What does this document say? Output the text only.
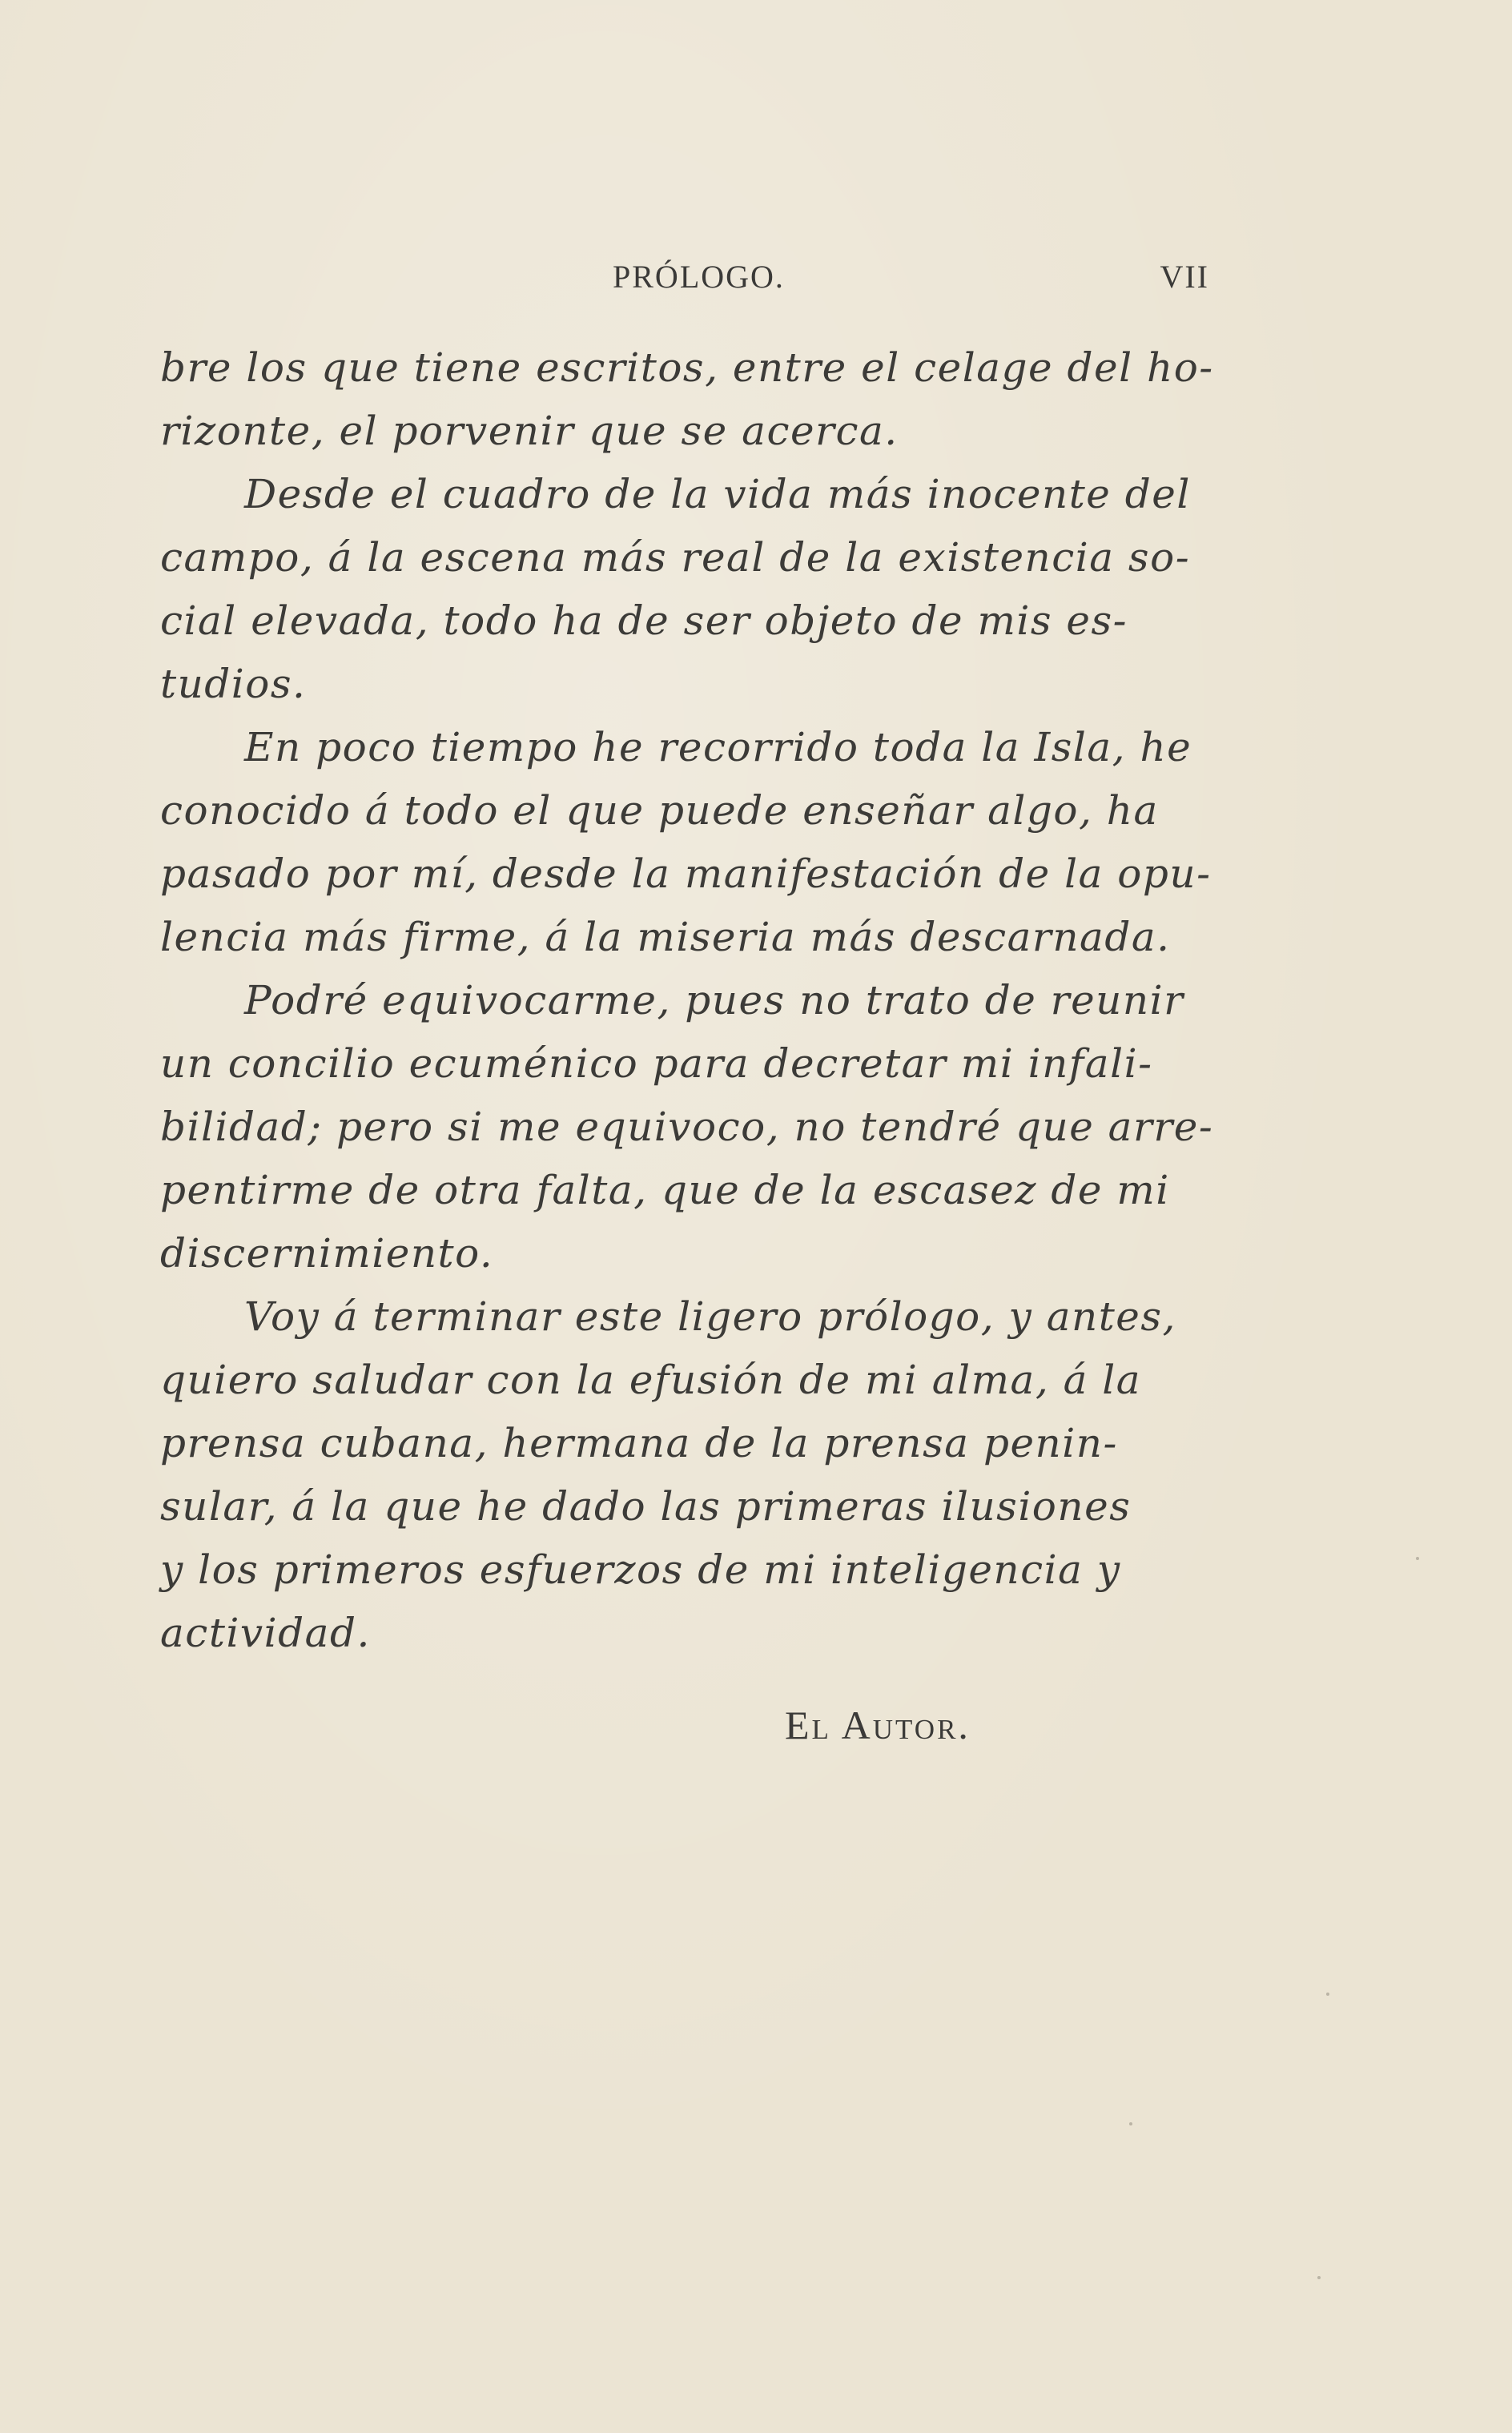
PRÓLOGO.	VII
bre los que tiene escritos, entre el celage del ho-
rizonte, el porvenir que se acerca.
Desde el cuadro de la vida más inocente del
campo, á la escena más real de la existencia so-
cial elevada, todo ha de ser objeto de mis es-
tudios.
En poco tiempo he recorrido toda la Isla, he
conocido á todo el que puede enseñar algo, ha
pasado por mí, desde la manifestación de la opu-
lencia más firme, á la miseria más descarnada.
Podré equivocarme, pues no trato de reunir
un concilio ecuménico para decretar mi infali-
bilidad; pero si me equivoco, no tendré que arre-
pentirme de otra falta, que de la escasez de mi
discernimiento.
Voy á terminar este ligero prólogo, y antes,
quiero saludar con la efusión de mi alma, á la
prensa cubana, hermana de la prensa penin-
sular, á la que he dado las primeras ilusiones
y los primeros esfuerzos de mi inteligencia y
actividad.
El Autor.
